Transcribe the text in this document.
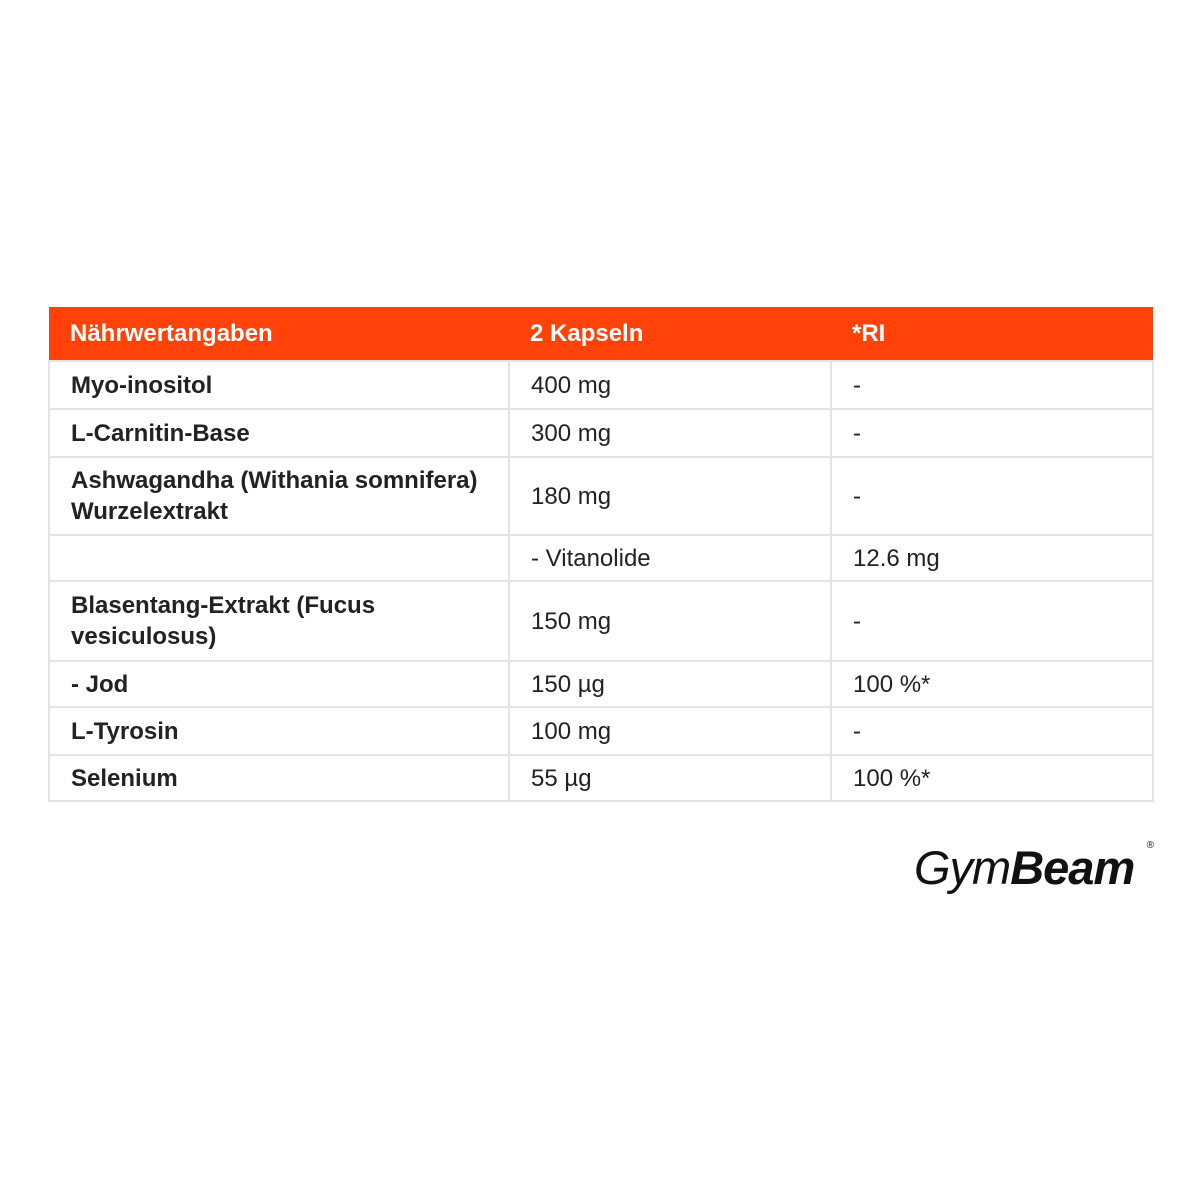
Nährwertangaben	2 Kapseln	*RI
Myo-inositol	400 mg	-
L-Carnitin-Base	300 mg	-
Ashwagandha (Withania somnifera) Wurzelextrakt	180 mg	-
	- Vitanolide	12.6 mg
Blasentang-Extrakt (Fucus vesiculosus)	150 mg	-
- Jod	150 µg	100 %*
L-Tyrosin	100 mg	-
Selenium	55 µg	100 %*
GymBeam ®
